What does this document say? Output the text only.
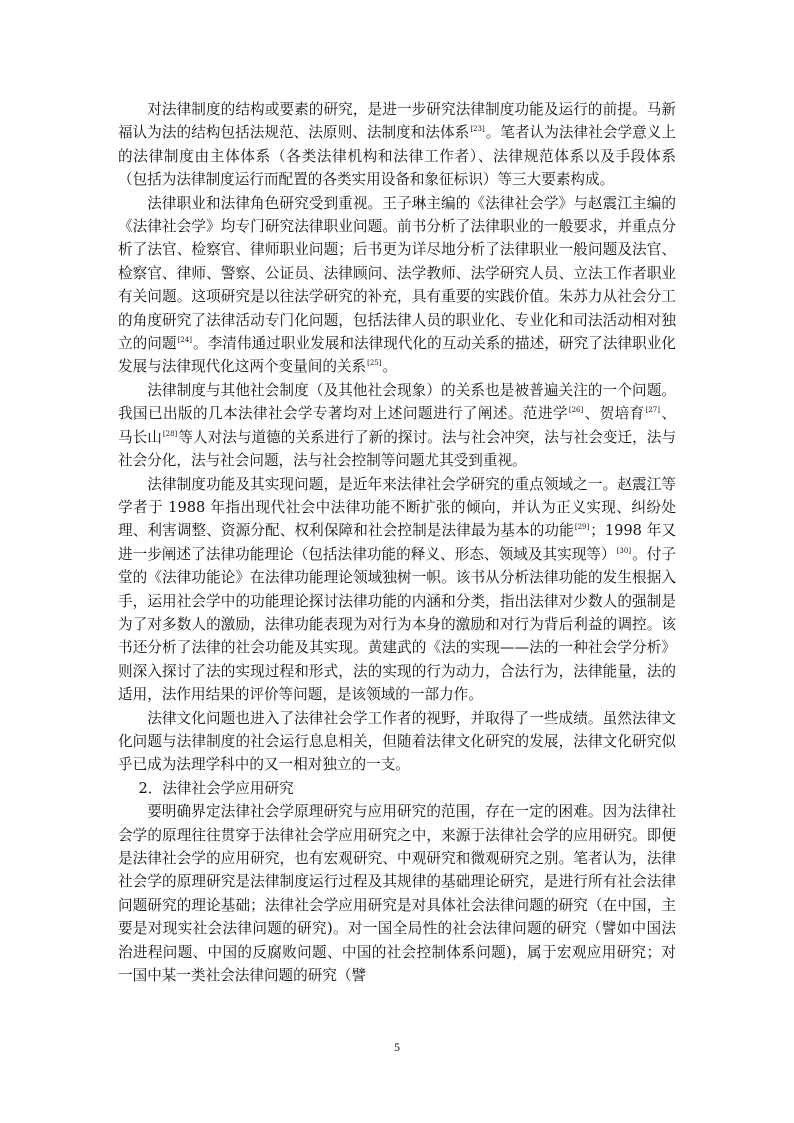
对法律制度的结构或要素的研究，是进一步研究法律制度功能及运行的前提。马新福认为法的结构包括法规范、法原则、法制度和法体系[23]。笔者认为法律社会学意义上的法律制度由主体体系（各类法律机构和法律工作者）、法律规范体系以及手段体系（包括为法律制度运行而配置的各类实用设备和象征标识）等三大要素构成。

法律职业和法律角色研究受到重视。王子琳主编的《法律社会学》与赵震江主编的《法律社会学》均专门研究法律职业问题。前书分析了法律职业的一般要求，并重点分析了法官、检察官、律师职业问题；后书更为详尽地分析了法律职业一般问题及法官、检察官、律师、警察、公证员、法律顾问、法学教师、法学研究人员、立法工作者职业有关问题。这项研究是以往法学研究的补充，具有重要的实践价值。朱苏力从社会分工的角度研究了法律活动专门化问题，包括法律人员的职业化、专业化和司法活动相对独立的问题[24]。李清伟通过职业发展和法律现代化的互动关系的描述，研究了法律职业化发展与法律现代化这两个变量间的关系[25]。

法律制度与其他社会制度（及其他社会现象）的关系也是被普遍关注的一个问题。我国已出版的几本法律社会学专著均对上述问题进行了阐述。范进学[26]、贺培育[27]、马长山[28]等人对法与道德的关系进行了新的探讨。法与社会冲突，法与社会变迁，法与社会分化，法与社会问题，法与社会控制等问题尤其受到重视。

法律制度功能及其实现问题，是近年来法律社会学研究的重点领域之一。赵震江等学者于 1988 年指出现代社会中法律功能不断扩张的倾向，并认为正义实现、纠纷处理、利害调整、资源分配、权利保障和社会控制是法律最为基本的功能[29]；1998 年又进一步阐述了法律功能理论（包括法律功能的释义、形态、领域及其实现等）[30]。付子堂的《法律功能论》在法律功能理论领域独树一帜。该书从分析法律功能的发生根据入手，运用社会学中的功能理论探讨法律功能的内涵和分类，指出法律对少数人的强制是为了对多数人的激励，法律功能表现为对行为本身的激励和对行为背后利益的调控。该书还分析了法律的社会功能及其实现。黄建武的《法的实现——法的一种社会学分析》则深入探讨了法的实现过程和形式，法的实现的行为动力，合法行为，法律能量，法的适用，法作用结果的评价等问题，是该领域的一部力作。

法律文化问题也进入了法律社会学工作者的视野，并取得了一些成绩。虽然法律文化问题与法律制度的社会运行息息相关，但随着法律文化研究的发展，法律文化研究似乎已成为法理学科中的又一相对独立的一支。

2．法律社会学应用研究

要明确界定法律社会学原理研究与应用研究的范围，存在一定的困难。因为法律社会学的原理往往贯穿于法律社会学应用研究之中，来源于法律社会学的应用研究。即便是法律社会学的应用研究，也有宏观研究、中观研究和微观研究之别。笔者认为，法律社会学的原理研究是法律制度运行过程及其规律的基础理论研究，是进行所有社会法律问题研究的理论基础；法律社会学应用研究是对具体社会法律问题的研究（在中国，主要是对现实社会法律问题的研究)。对一国全局性的社会法律问题的研究（譬如中国法治进程问题、中国的反腐败问题、中国的社会控制体系问题)，属于宏观应用研究；对一国中某一类社会法律问题的研究（譬

5
